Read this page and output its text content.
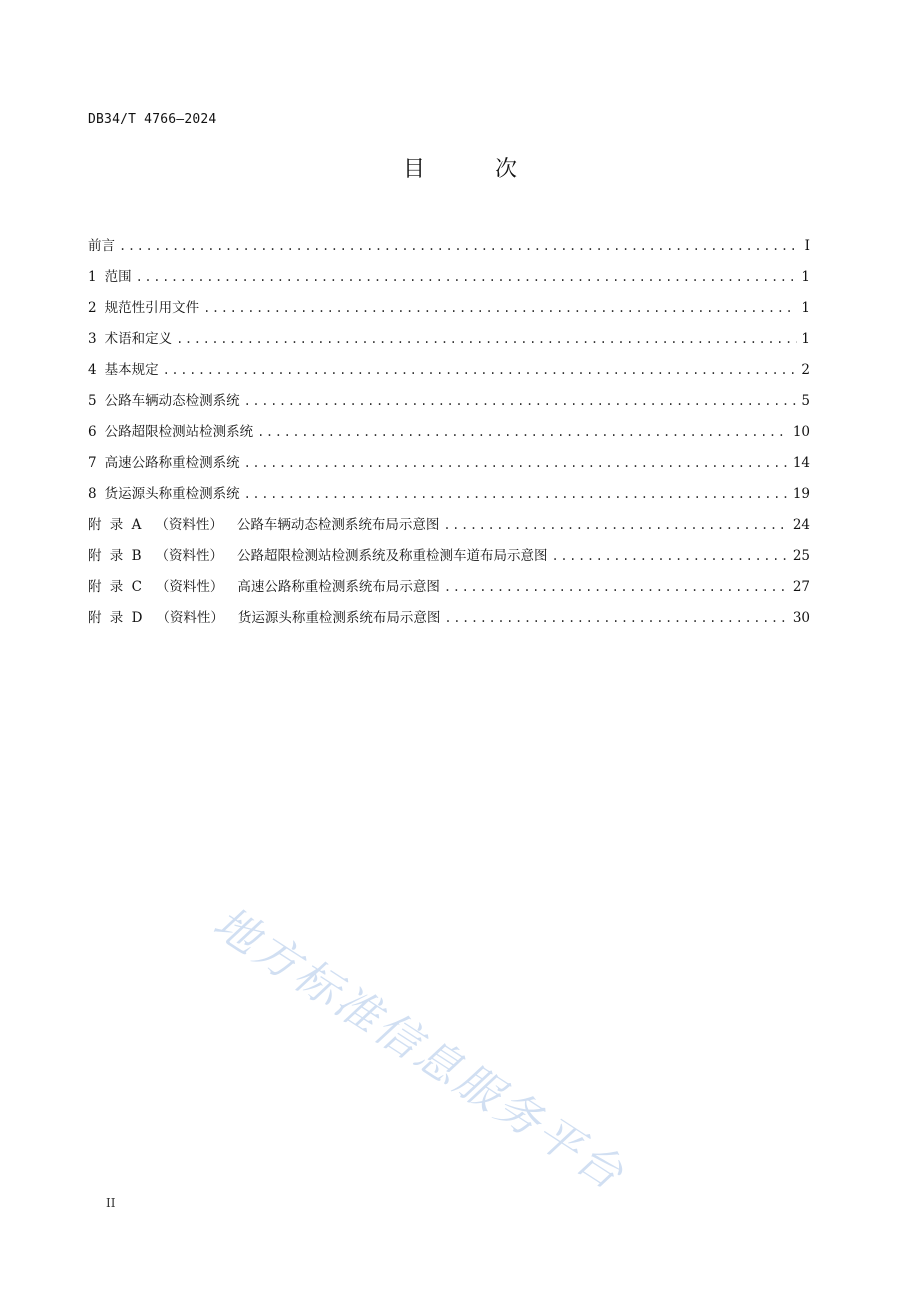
DB34/T 4766—2024
目　次
前言 .....	I
1 范围 .....	1
2 规范性引用文件 .....	1
3 术语和定义 .....	1
4 基本规定 .....	2
5 公路车辆动态检测系统 .....	5
6 公路超限检测站检测系统 .....	10
7 高速公路称重检测系统 .....	14
8 货运源头称重检测系统 .....	19
附 录 A （资料性） 公路车辆动态检测系统布局示意图 .....	24
附 录 B （资料性） 公路超限检测站检测系统及称重检测车道布局示意图 .....	25
附 录 C （资料性） 高速公路称重检测系统布局示意图 .....	27
附 录 D （资料性） 货运源头称重检测系统布局示意图 .....	30
地方标准信息服务平台
II
